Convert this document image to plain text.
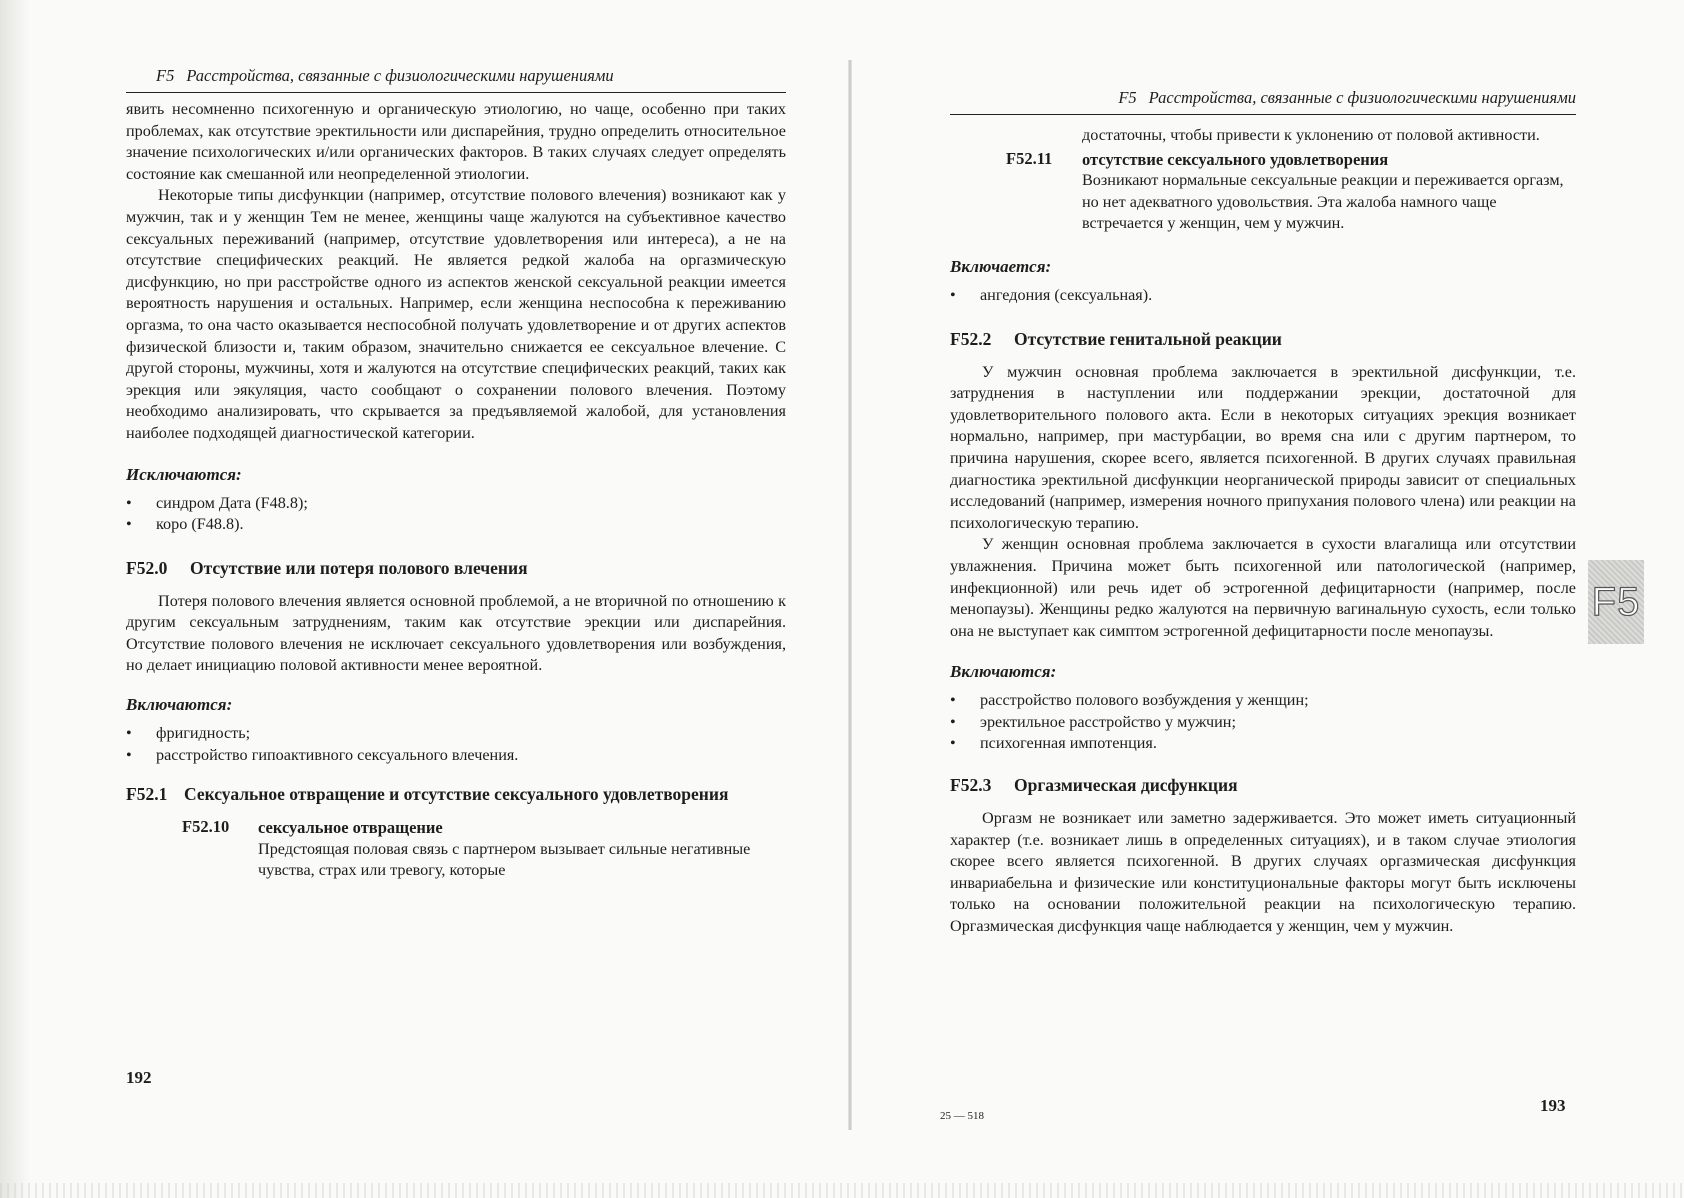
F5 Расстройства, связанные с физиологическими нарушениями

явить несомненно психогенную и органическую этиологию, но чаще, особенно при таких проблемах, как отсутствие эректильности или диспарейния, трудно определить относительное значение психологических и/или органических факторов. В таких случаях следует определять состояние как смешанной или неопределенной этиологии.

Некоторые типы дисфункции (например, отсутствие полового влечения) возникают как у мужчин, так и у женщин Тем не менее, женщины чаще жалуются на субъективное качество сексуальных переживаний (например, отсутствие удовлетворения или интереса), а не на отсутствие специфических реакций. Не является редкой жалоба на оргазмическую дисфункцию, но при расстройстве одного из аспектов женской сексуальной реакции имеется вероятность нарушения и остальных. Например, если женщина неспособна к переживанию оргазма, то она часто оказывается неспособной получать удовлетворение и от других аспектов физической близости и, таким образом, значительно снижается ее сексуальное влечение. С другой стороны, мужчины, хотя и жалуются на отсутствие специфических реакций, таких как эрекция или эякуляция, часто сообщают о сохранении полового влечения. Поэтому необходимо анализировать, что скрывается за предъявляемой жалобой, для установления наиболее подходящей диагностической категории.

Исключаются:
• синдром Дата (F48.8);
• коро (F48.8).
F52.0	Отсутствие или потеря полового влечения

Потеря полового влечения является основной проблемой, а не вторичной по отношению к другим сексуальным затруднениям, таким как отсутствие эрекции или диспарейния. Отсутствие полового влечения не исключает сексуального удовлетворения или возбуждения, но делает инициацию половой активности менее вероятной.

Включаются:
• фригидность;
• расстройство гипоактивного сексуального влечения.
F52.1 Сексуальное отвращение и отсутствие сексуального удовлетворения
F52.10	сексуальное отвращение
Предстоящая половая связь с партнером вызывает сильные негативные чувства, страх или тревогу, которые
192
F5 Расстройства, связанные с физиологическими нарушениями
достаточны, чтобы привести к уклонению от половой активности.
F52.11	отсутствие сексуального удовлетворения
Возникают нормальные сексуальные реакции и переживается оргазм, но нет адекватного удовольствия. Эта жалоба намного чаще встречается у женщин, чем у мужчин.
Включается:
• ангедония (сексуальная).
F52.2	Отсутствие генитальной реакции

У мужчин основная проблема заключается в эректильной дисфункции, т.е. затруднения в наступлении или поддержании эрекции, достаточной для удовлетворительного полового акта. Если в некоторых ситуациях эрекция возникает нормально, например, при мастурбации, во время сна или с другим партнером, то причина нарушения, скорее всего, является психогенной. В других случаях правильная диагностика эректильной дисфункции неорганической природы зависит от специальных исследований (например, измерения ночного припухания полового члена) или реакции на психологическую терапию.

У женщин основная проблема заключается в сухости влагалища или отсутствии увлажнения. Причина может быть психогенной или патологической (например, инфекционной) или речь идет об эстрогенной дефицитарности (например, после менопаузы). Женщины редко жалуются на первичную вагинальную сухость, если только она не выступает как симптом эстрогенной дефицитарности после менопаузы.

Включаются:
• расстройство полового возбуждения у женщин;
• эректильное расстройство у мужчин;
• психогенная импотенция.
F52.3	Оргазмическая дисфункция

Оргазм не возникает или заметно задерживается. Это может иметь ситуационный характер (т.е. возникает лишь в определенных ситуациях), и в таком случае этиология скорее всего является психогенной. В других случаях оргазмическая дисфункция инвариабельна и физические или конституциональные факторы могут быть исключены только на основании положительной реакции на психологическую терапию. Оргазмическая дисфункция чаще наблюдается у женщин, чем у мужчин.

25 — 518
193
F5
